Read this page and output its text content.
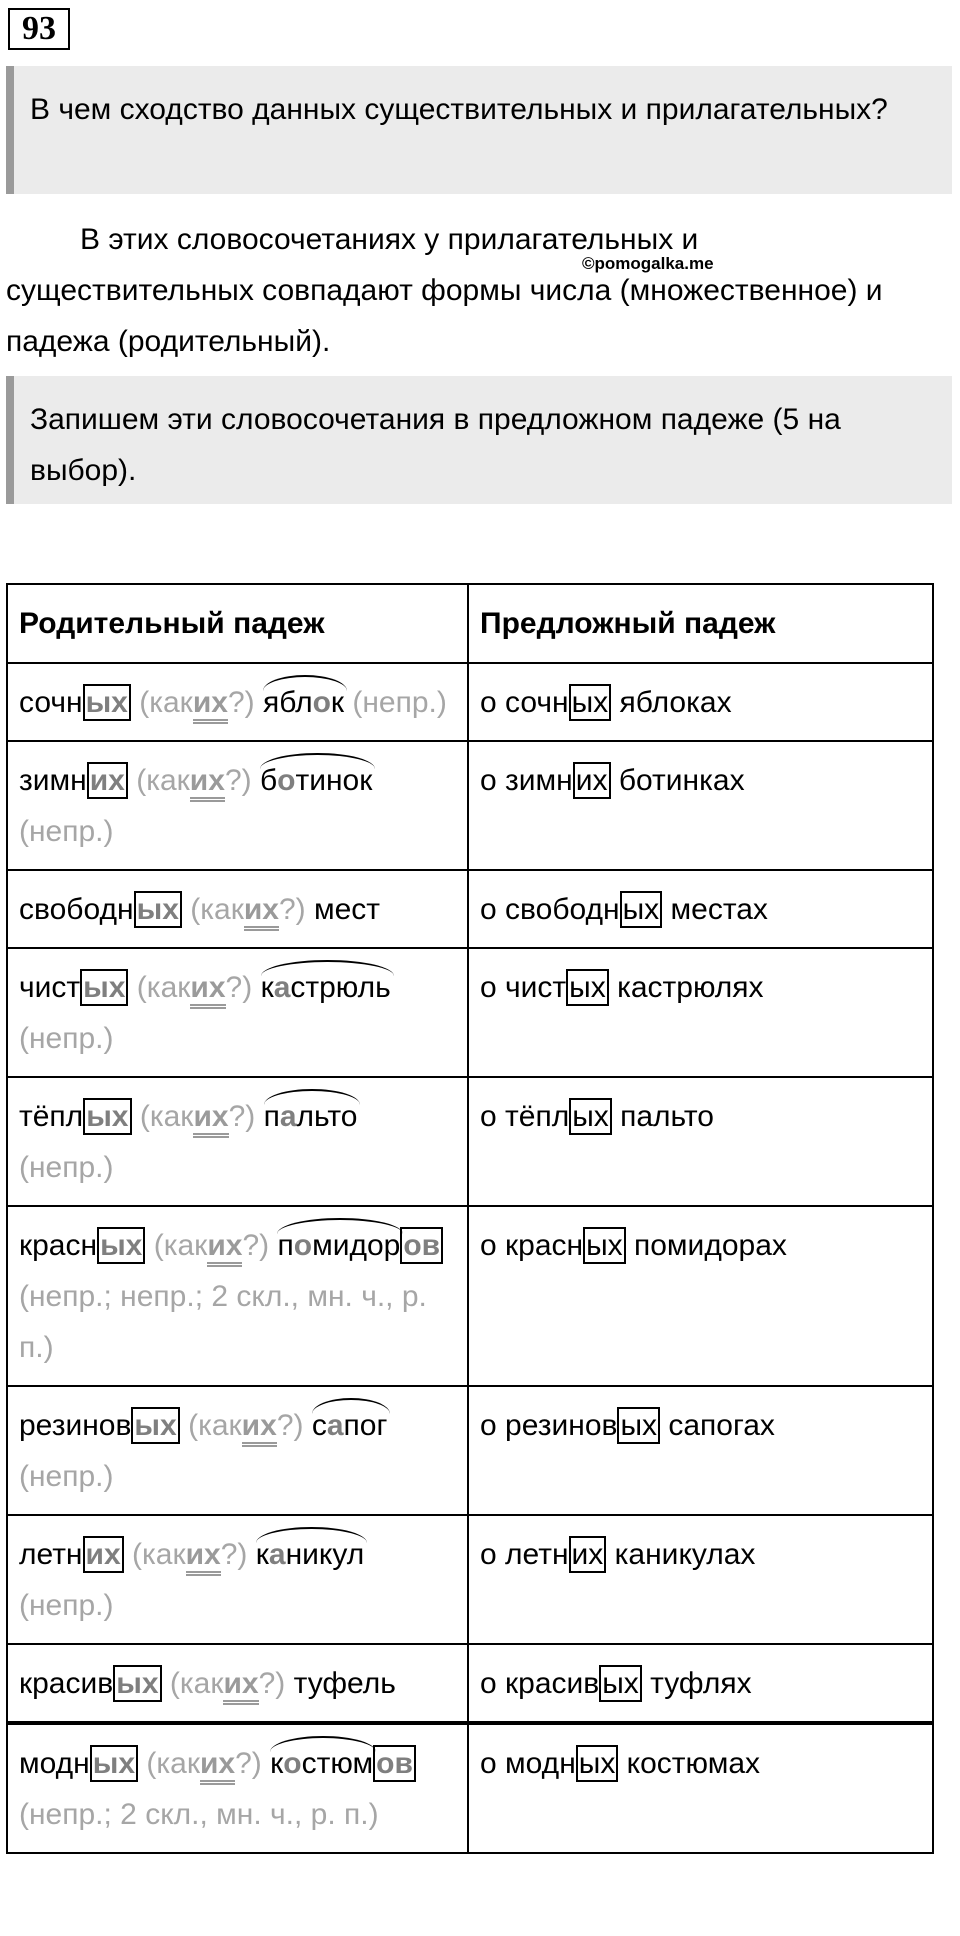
93
В чем сходство данных существительных и прилагательных?
В этих словосочетаниях у прилагательных и существительных совпадают формы числа (множественное) и падежа (родительный).
©pomogalka.me
Запишем эти словосочетания в предложном падеже (5 на выбор).
Родительный падеж	Предложный падеж
сочн ых (каких?) яблок (непр.)	о сочн ых яблоках
зимн их (каких?) ботинок (непр.)	о зимн их ботинках
свободн ых (каких?) мест	о свободн ых местах
чист ых (каких?) кастрюль (непр.)	о чист ых кастрюлях
тёпл ых (каких?) пальто (непр.)	о тёпл ых пальто
красн ых (каких?) помидор ов (непр.; непр.; 2 скл., мн. ч., р. п.)	о красн ых помидорах
резинов ых (каких?) сапог (непр.)	о резинов ых сапогах
летн их (каких?) каникул (непр.)	о летн их каникулах
красив ых (каких?) туфель	о красив ых туфлях
модн ых (каких?) костюм ов (непр.; 2 скл., мн. ч., р. п.)	о модн ых костюмах
